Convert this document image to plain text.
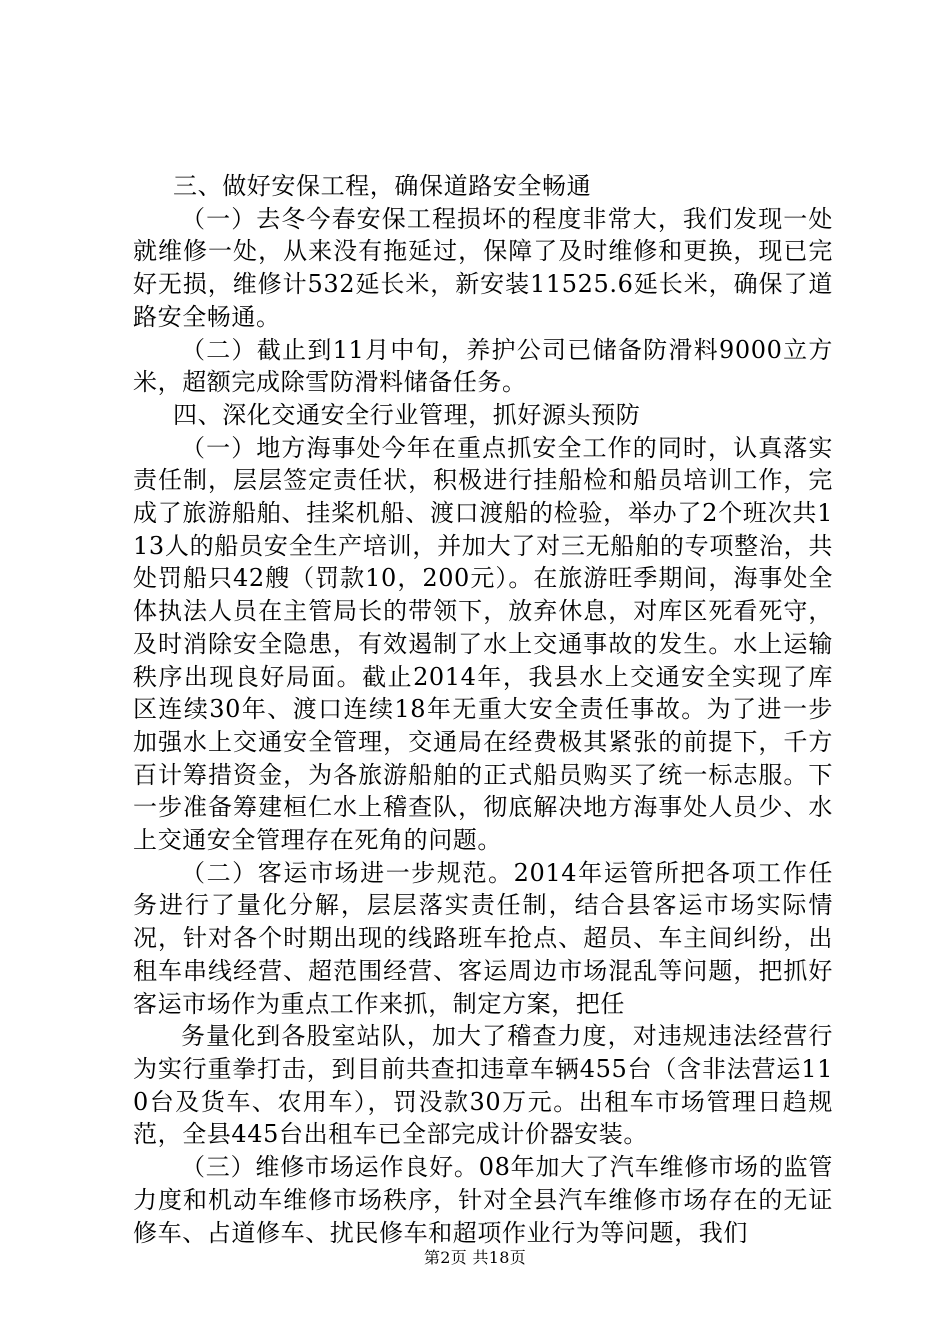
三、做好安保工程，确保道路安全畅通

（一）去冬今春安保工程损坏的程度非常大，我们发现一处就维修一处，从来没有拖延过，保障了及时维修和更换，现已完好无损，维修计532延长米，新安装11525.6延长米，确保了道路安全畅通。

（二）截止到11月中旬，养护公司已储备防滑料9000立方米，超额完成除雪防滑料储备任务。

四、深化交通安全行业管理，抓好源头预防

（一）地方海事处今年在重点抓安全工作的同时，认真落实责任制，层层签定责任状，积极进行挂船检和船员培训工作，完成了旅游船舶、挂桨机船、渡口渡船的检验，举办了2个班次共113人的船员安全生产培训，并加大了对三无船舶的专项整治，共处罚船只42艘（罚款10，200元）。在旅游旺季期间，海事处全体执法人员在主管局长的带领下，放弃休息，对库区死看死守，及时消除安全隐患，有效遏制了水上交通事故的发生。水上运输秩序出现良好局面。截止2014年，我县水上交通安全实现了库区连续30年、渡口连续18年无重大安全责任事故。为了进一步加强水上交通安全管理，交通局在经费极其紧张的前提下，千方百计筹措资金，为各旅游船舶的正式船员购买了统一标志服。下一步准备筹建桓仁水上稽查队，彻底解决地方海事处人员少、水上交通安全管理存在死角的问题。

（二）客运市场进一步规范。2014年运管所把各项工作任务进行了量化分解，层层落实责任制，结合县客运市场实际情况，针对各个时期出现的线路班车抢点、超员、车主间纠纷，出租车串线经营、超范围经营、客运周边市场混乱等问题，把抓好客运市场作为重点工作来抓，制定方案，把任

务量化到各股室站队，加大了稽查力度，对违规违法经营行为实行重拳打击，到目前共查扣违章车辆455台（含非法营运110台及货车、农用车），罚没款30万元。出租车市场管理日趋规范，全县445台出租车已全部完成计价器安装。

（三）维修市场运作良好。08年加大了汽车维修市场的监管力度和机动车维修市场秩序，针对全县汽车维修市场存在的无证修车、占道修车、扰民修车和超项作业行为等问题，我们

第2页 共18页
